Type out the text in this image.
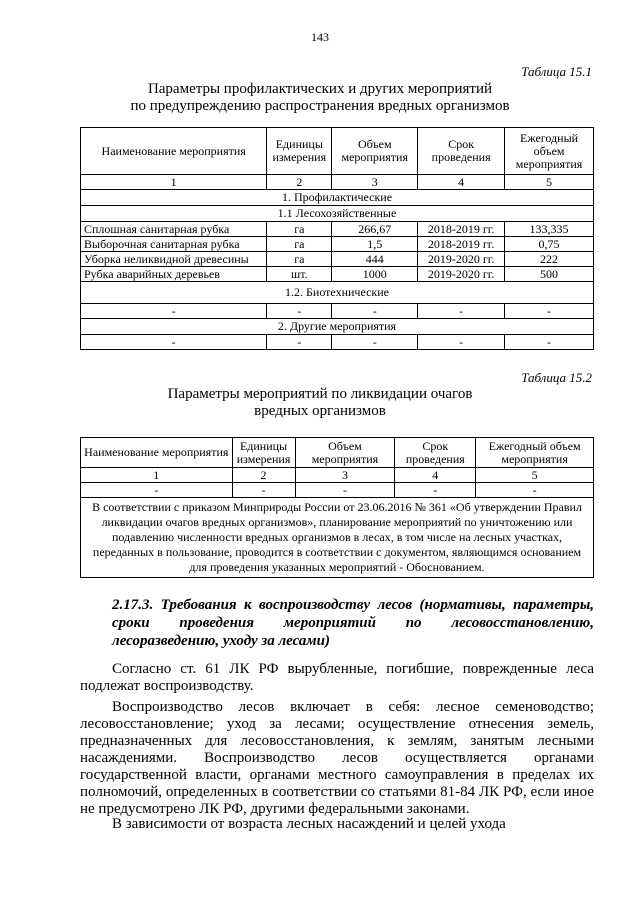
143
Таблица 15.1
Параметры профилактических и других мероприятий
по предупреждению распространения вредных организмов
Наименование мероприятия	Единицы измерения	Объем мероприятия	Срок проведения	Ежегодный объем мероприятия
1	2	3	4	5
1. Профилактические				
1.1 Лесохозяйственные				
Сплошная санитарная рубка	га	266,67	2018-2019 гг.	133,335
Выборочная санитарная рубка	га	1,5	2018-2019 гг.	0,75
Уборка неликвидной древесины	га	444	2019-2020 гг.	222
Рубка аварийных деревьев	шт.	1000	2019-2020 гг.	500
1.2. Биотехнические				
-	-	-	-	-
2. Другие мероприятия				
-	-	-	-	-
Таблица 15.2
Параметры мероприятий по ликвидации очагов
вредных организмов
Наименование мероприятия	Единицы измерения	Объем мероприятия	Срок проведения	Ежегодный объем мероприятия
1	2	3	4	5
-	-	-	-	-
В соответствии с приказом Минприроды России от 23.06.2016 № 361 «Об утверждении Правил ликвидации очагов вредных организмов», планирование мероприятий по уничтожению или подавлению численности вредных организмов в лесах, в том числе на лесных участках, переданных в пользование, проводится в соответствии с документом, являющимся основанием для проведения указанных мероприятий - Обоснованием.				
2.17.3. Требования к воспроизводству лесов (нормативы, параметры, сроки проведения мероприятий по лесовосстановлению, лесоразведению, уходу за лесами)
Согласно ст. 61 ЛК РФ вырубленные, погибшие, поврежденные леса подлежат воспроизводству.
Воспроизводство лесов включает в себя: лесное семеноводство; лесовосстановление; уход за лесами; осуществление отнесения земель, предназначенных для лесовосстановления, к землям, занятым лесными насаждениями. Воспроизводство лесов осуществляется органами государственной власти, органами местного самоуправления в пределах их полномочий, определенных в соответствии со статьями 81-84 ЛК РФ, если иное не предусмотрено ЛК РФ, другими федеральными законами.
В зависимости от возраста лесных насаждений и целей ухода
